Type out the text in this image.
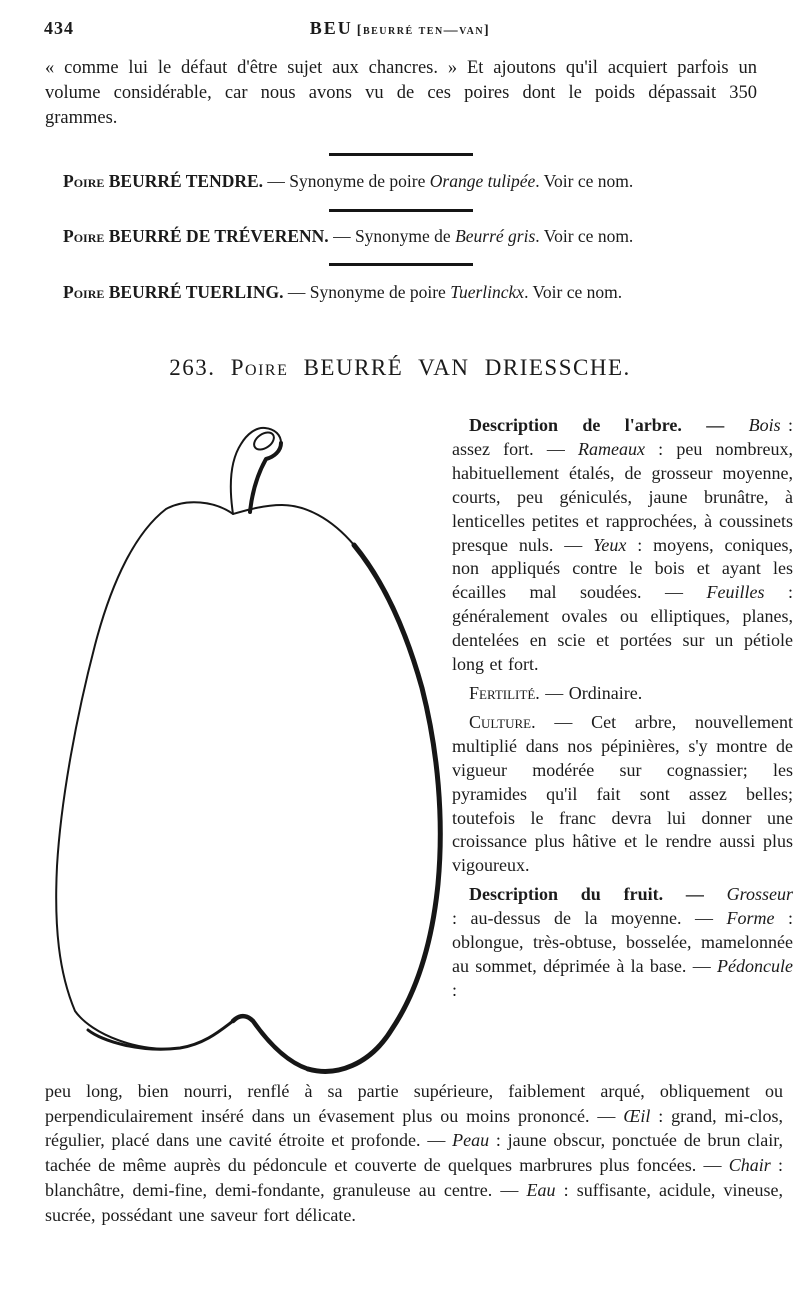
434	BEU [beurré ten—van]

« comme lui le défaut d'être sujet aux chancres. » Et ajoutons qu'il acquiert parfois un volume considérable, car nous avons vu de ces poires dont le poids dépassait 350 grammes.

Poire BEURRÉ TENDRE. — Synonyme de poire Orange tulipée. Voir ce nom.

Poire BEURRÉ DE TRÉVERENN. — Synonyme de Beurré gris. Voir ce nom.

Poire BEURRÉ TUERLING. — Synonyme de poire Tuerlinckx. Voir ce nom.

263. Poire BEURRÉ VAN DRIESSCHE.

Description de l'arbre. — Bois : assez fort. — Rameaux : peu nombreux, habituellement étalés, de grosseur moyenne, courts, peu géniculés, jaune brunâtre, à lenticelles petites et rapprochées, à coussinets presque nuls. — Yeux : moyens, coniques, non appliqués contre le bois et ayant les écailles mal soudées. — Feuilles : généralement ovales ou elliptiques, planes, dentelées en scie et portées sur un pétiole long et fort.

Fertilité. — Ordinaire.

Culture. — Cet arbre, nouvellement multiplié dans nos pépinières, s'y montre de vigueur modérée sur cognassier; les pyramides qu'il fait sont assez belles; toutefois le franc devra lui donner une croissance plus hâtive et le rendre aussi plus vigoureux.

Description du fruit. — Grosseur : au-dessus de la moyenne. — Forme : oblongue, très-obtuse, bosselée, mamelonnée au sommet, déprimée à la base. — Pédoncule :

peu long, bien nourri, renflé à sa partie supérieure, faiblement arqué, obliquement ou perpendiculairement inséré dans un évasement plus ou moins prononcé. — Œil : grand, mi-clos, régulier, placé dans une cavité étroite et profonde. — Peau : jaune obscur, ponctuée de brun clair, tachée de même auprès du pédoncule et couverte de quelques marbrures plus foncées. — Chair : blanchâtre, demi-fine, demi-fondante, granuleuse au centre. — Eau : suffisante, acidule, vineuse, sucrée, possédant une saveur fort délicate.
